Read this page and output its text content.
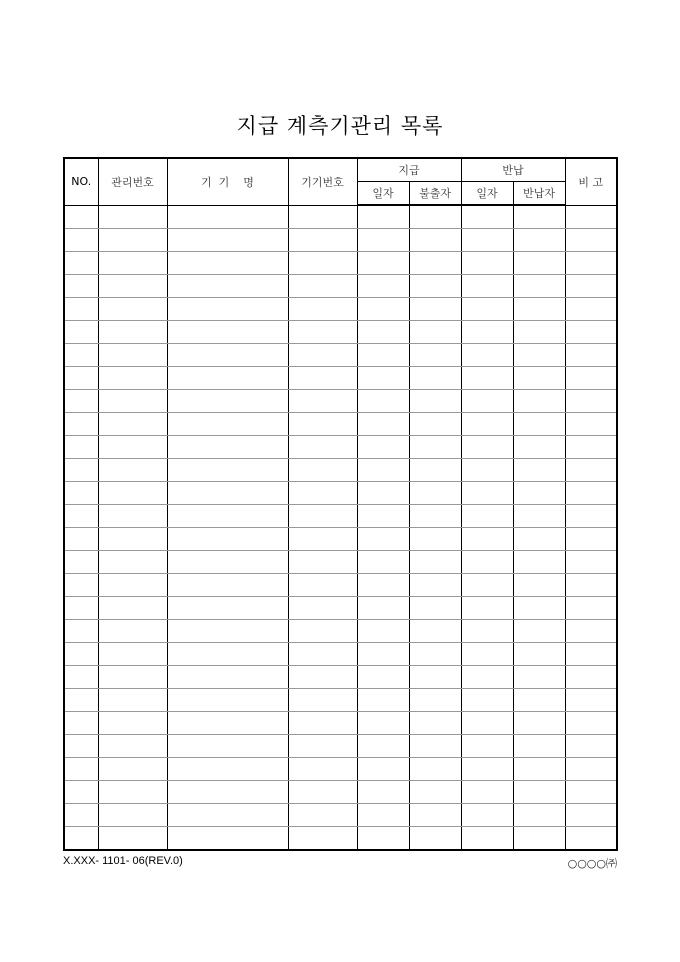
지급 계측기관리 목록
NO.	관리번호	기  기    명	기기번호	지급		반납		비 고
				일자	불출자	일자	반납자	

X.XXX- 1101- 06(REV.0)	○○○○㈜
